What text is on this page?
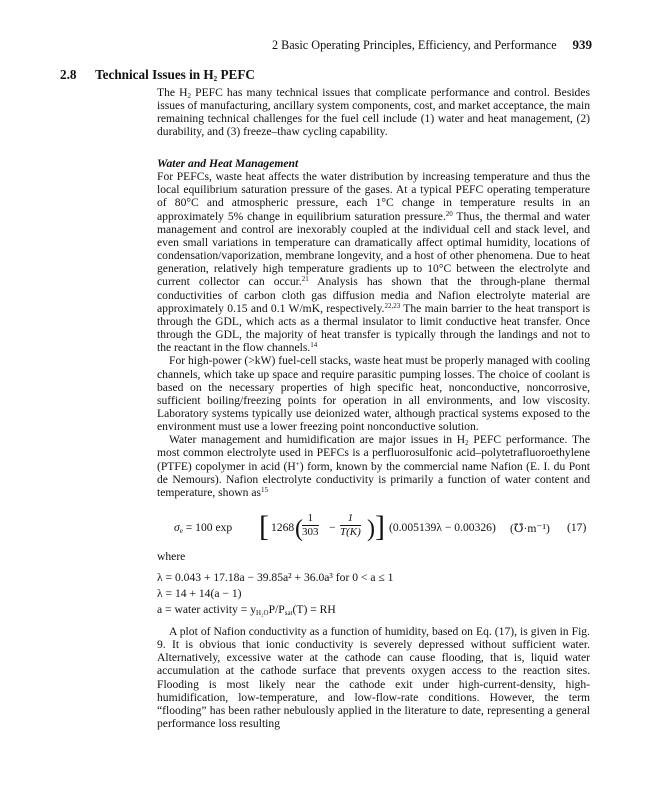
2 Basic Operating Principles, Efficiency, and Performance 939
2.8 Technical Issues in $H_2$ PEFC

The $H_2$ PEFC has many technical issues that complicate performance and control. Besides issues of manufacturing, ancillary system components, cost, and market acceptance, the main remaining technical challenges for the fuel cell include (1) water and heat management, (2) durability, and (3) freeze–thaw cycling capability.

Water and Heat Management

For PEFCs, waste heat affects the water distribution by increasing temperature and thus the local equilibrium saturation pressure of the gases. At a typical PEFC operating temperature of 80°C and atmospheric pressure, each 1°C change in temperature results in an approximately 5% change in equilibrium saturation pressure.$^{20}$ Thus, the thermal and water management and control are inexorably coupled at the individual cell and stack level, and even small variations in temperature can dramatically affect optimal humidity, locations of condensation/vaporization, membrane longevity, and a host of other phenomena. Due to heat generation, relatively high temperature gradients up to 10°C between the electrolyte and current collector can occur.$^{21}$ Analysis has shown that the through-plane thermal conductivities of carbon cloth gas diffusion media and Nafion electrolyte material are approximately 0.15 and 0.1 W/mK, respectively.$^{22,23}$ The main barrier to the heat transport is through the GDL, which acts as a thermal insulator to limit conductive heat transfer. Once through the GDL, the majority of heat transfer is typically through the landings and not to the reactant in the flow channels.$^{14}$

For high-power (>kW) fuel-cell stacks, waste heat must be properly managed with cooling channels, which take up space and require parasitic pumping losses. The choice of coolant is based on the necessary properties of high specific heat, nonconductive, noncorrosive, sufficient boiling/freezing points for operation in all environments, and low viscosity. Laboratory systems typically use deionized water, although practical systems exposed to the environment must use a lower freezing point nonconductive solution.

Water management and humidification are major issues in $H_2$ PEFC performance. The most common electrolyte used in PEFCs is a perfluorosulfonic acid–polytetrafluoroethylene (PTFE) copolymer in acid (H+) form, known by the commercial name Nafion (E. I. du Pont de Nemours). Nafion electrolyte conductivity is primarily a function of water content and temperature, shown $as^{15}$

$\sigma_e = 100$ exp [ 1268 ( $\frac{1}{303} - \frac{1}{T(K)}$ ) ] (0.005139λ − 0.00326) (℧·m⁻¹) (17)
where
λ = 0.043 + 17.18a − 39.85a² + 36.0a³ for 0 < a ≤ 1
λ = 14 + 14(a − 1)
a = water activity = $y_{H_2O}P/P_{sat}(T)$ = RH

A plot of Nafion conductivity as a function of humidity, based on Eq. (17), is given in Fig. 9. It is obvious that ionic conductivity is severely depressed without sufficient water. Alternatively, excessive water at the cathode can cause flooding, that is, liquid water accumulation at the cathode surface that prevents oxygen access to the reaction sites. Flooding is most likely near the cathode exit under high-current-density, high-humidification, low-temperature, and low-flow-rate conditions. However, the term “flooding” has been rather nebulously applied in the literature to date, representing a general performance loss resulting
